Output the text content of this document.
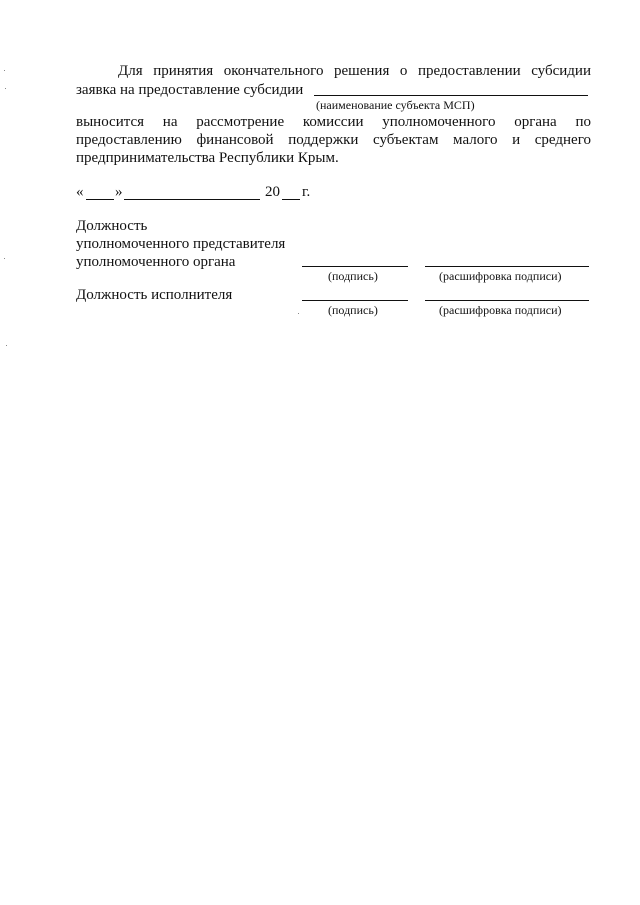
Для принятия окончательного решения о предоставлении субсидии
заявка на предоставление субсидии
(наименование субъекта МСП)
выносится на рассмотрение комиссии уполномоченного органа по
предоставлению финансовой поддержки субъектам малого и среднего
предпринимательства Республики Крым.
« »	20 г.
Должность
уполномоченного представителя
уполномоченного органа
(подпись)	(расшифровка подписи)
Должность исполнителя
(подпись)	(расшифровка подписи)
